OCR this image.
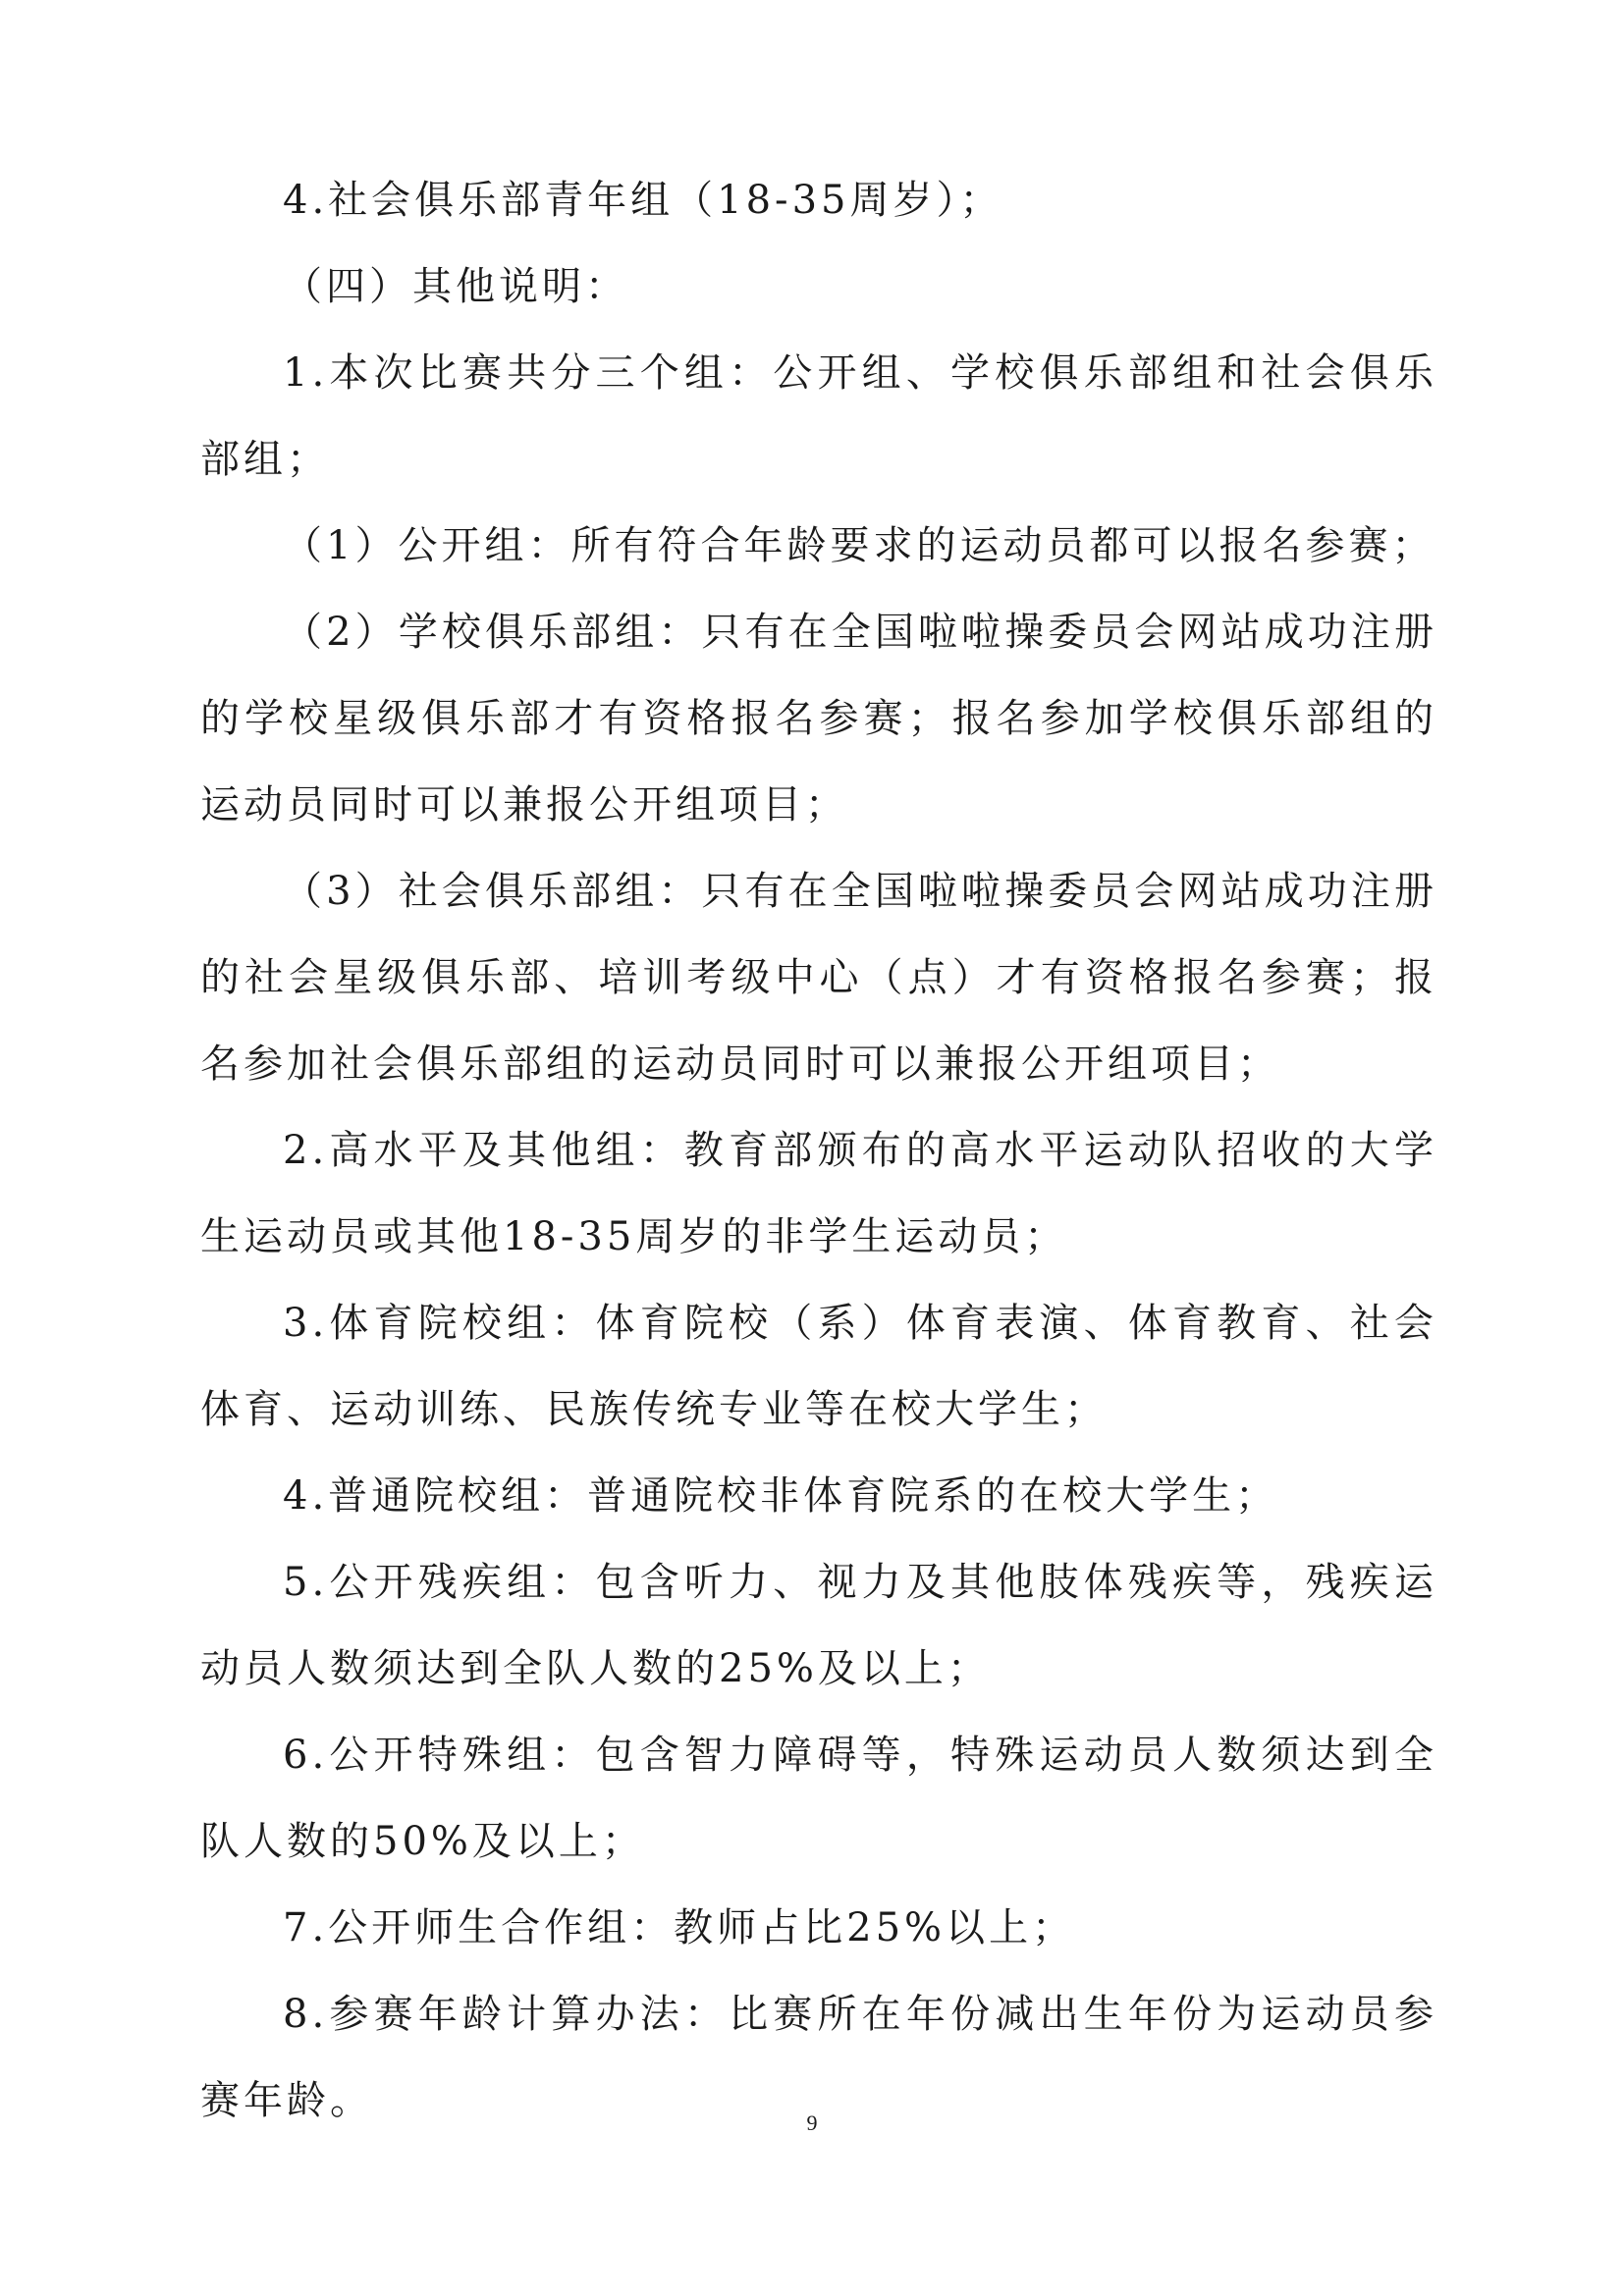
4.社会俱乐部青年组（18-35周岁）；

（四）其他说明：

1.本次比赛共分三个组：公开组、学校俱乐部组和社会俱乐部组；

（1）公开组：所有符合年龄要求的运动员都可以报名参赛；

（2）学校俱乐部组：只有在全国啦啦操委员会网站成功注册的学校星级俱乐部才有资格报名参赛；报名参加学校俱乐部组的运动员同时可以兼报公开组项目；

（3）社会俱乐部组：只有在全国啦啦操委员会网站成功注册的社会星级俱乐部、培训考级中心（点）才有资格报名参赛；报名参加社会俱乐部组的运动员同时可以兼报公开组项目；

2.高水平及其他组：教育部颁布的高水平运动队招收的大学生运动员或其他18-35周岁的非学生运动员；

3.体育院校组：体育院校（系）体育表演、体育教育、社会体育、运动训练、民族传统专业等在校大学生；

4.普通院校组：普通院校非体育院系的在校大学生；

5.公开残疾组：包含听力、视力及其他肢体残疾等，残疾运动员人数须达到全队人数的25%及以上；

6.公开特殊组：包含智力障碍等，特殊运动员人数须达到全队人数的50%及以上；

7.公开师生合作组：教师占比25%以上；

8.参赛年龄计算办法：比赛所在年份减出生年份为运动员参赛年龄。	9
